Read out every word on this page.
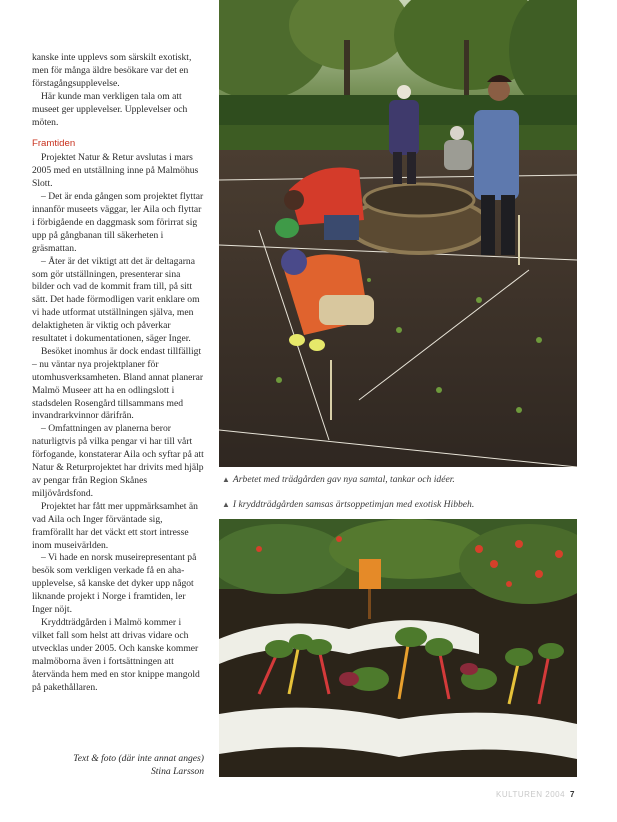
kanske inte upplevs som särskilt exotiskt, men för många äldre besökare var det en förstagångsupplevelse.

Här kunde man verkligen tala om att museet ger upplevelser. Upplevelser och möten.

Framtiden

Projektet Natur & Retur avslutas i mars 2005 med en utställning inne på Malmöhus Slott.

– Det är enda gången som projektet flyttar innanför museets väggar, ler Aila och flyttar i förbigående en daggmask som förirrat sig upp på gångbanan till säkerheten i gräsmattan.

– Åter är det viktigt att det är deltagarna som gör utställningen, presenterar sina bilder och vad de kommit fram till, på sitt sätt. Det hade förmodligen varit enklare om vi hade utformat utställningen själva, men delaktigheten är viktig och påverkar resultatet i dokumentationen, säger Inger.

Besöket inomhus är dock endast tillfälligt – nu väntar nya projektplaner för utomhusverksamheten. Bland annat planerar Malmö Museer att ha en odlingslott i stadsdelen Rosengård tillsammans med invandrarkvinnor därifrån.

– Omfattningen av planerna beror naturligtvis på vilka pengar vi har till vårt förfogande, konstaterar Aila och syftar på att Natur & Returprojektet har drivits med hjälp av pengar från Region Skånes miljövårdsfond.

Projektet har fått mer uppmärksamhet än vad Aila och Inger förväntade sig, framförallt har det väckt ett stort intresse inom museivärlden.

– Vi hade en norsk museirepresentant på besök som verkligen verkade få en aha-upplevelse, så kanske det dyker upp något liknande projekt i Norge i framtiden, ler Inger nöjt.

Kryddträdgården i Malmö kommer i vilket fall som helst att drivas vidare och utvecklas under 2005. Och kanske kommer malmöborna även i fortsättningen att återvända hem med en stor knippe mangold på pakethållaren.

Text & foto (där inte annat anges)
Stina Larsson
▲ Arbetet med trädgården gav nya samtal, tankar och idéer.
▲ I kryddträdgården samsas ärtsoppetimjan med exotisk Hibbeh.
KULTUREN 2004 7
